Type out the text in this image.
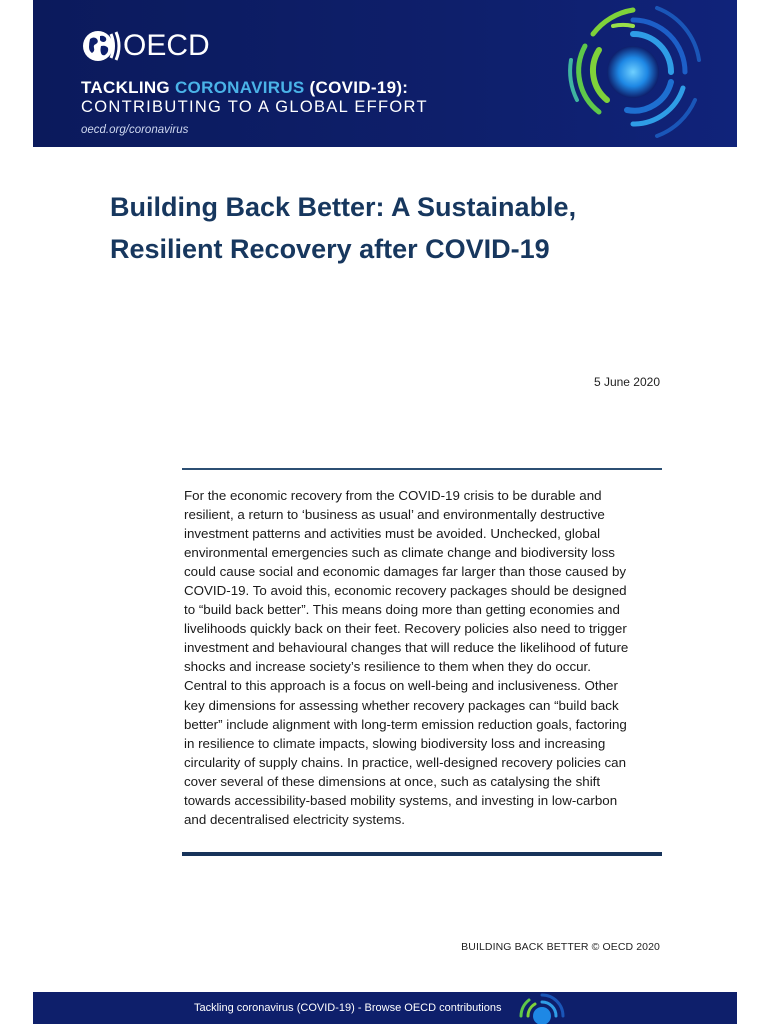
OECD
TACKLING CORONAVIRUS (COVID-19):
CONTRIBUTING TO A GLOBAL EFFORT
oecd.org/coronavirus
Building Back Better: A Sustainable,
Resilient Recovery after COVID-19
5 June 2020
For the economic recovery from the COVID-19 crisis to be durable and
resilient, a return to ‘business as usual’ and environmentally destructive
investment patterns and activities must be avoided. Unchecked, global
environmental emergencies such as climate change and biodiversity loss
could cause social and economic damages far larger than those caused by
COVID-19. To avoid this, economic recovery packages should be designed
to “build back better”. This means doing more than getting economies and
livelihoods quickly back on their feet. Recovery policies also need to trigger
investment and behavioural changes that will reduce the likelihood of future
shocks and increase society’s resilience to them when they do occur.
Central to this approach is a focus on well-being and inclusiveness. Other
key dimensions for assessing whether recovery packages can “build back
better” include alignment with long-term emission reduction goals, factoring
in resilience to climate impacts, slowing biodiversity loss and increasing
circularity of supply chains. In practice, well-designed recovery policies can
cover several of these dimensions at once, such as catalysing the shift
towards accessibility-based mobility systems, and investing in low-carbon
and decentralised electricity systems.
BUILDING BACK BETTER © OECD 2020
Tackling coronavirus (COVID-19) - Browse OECD contributions
